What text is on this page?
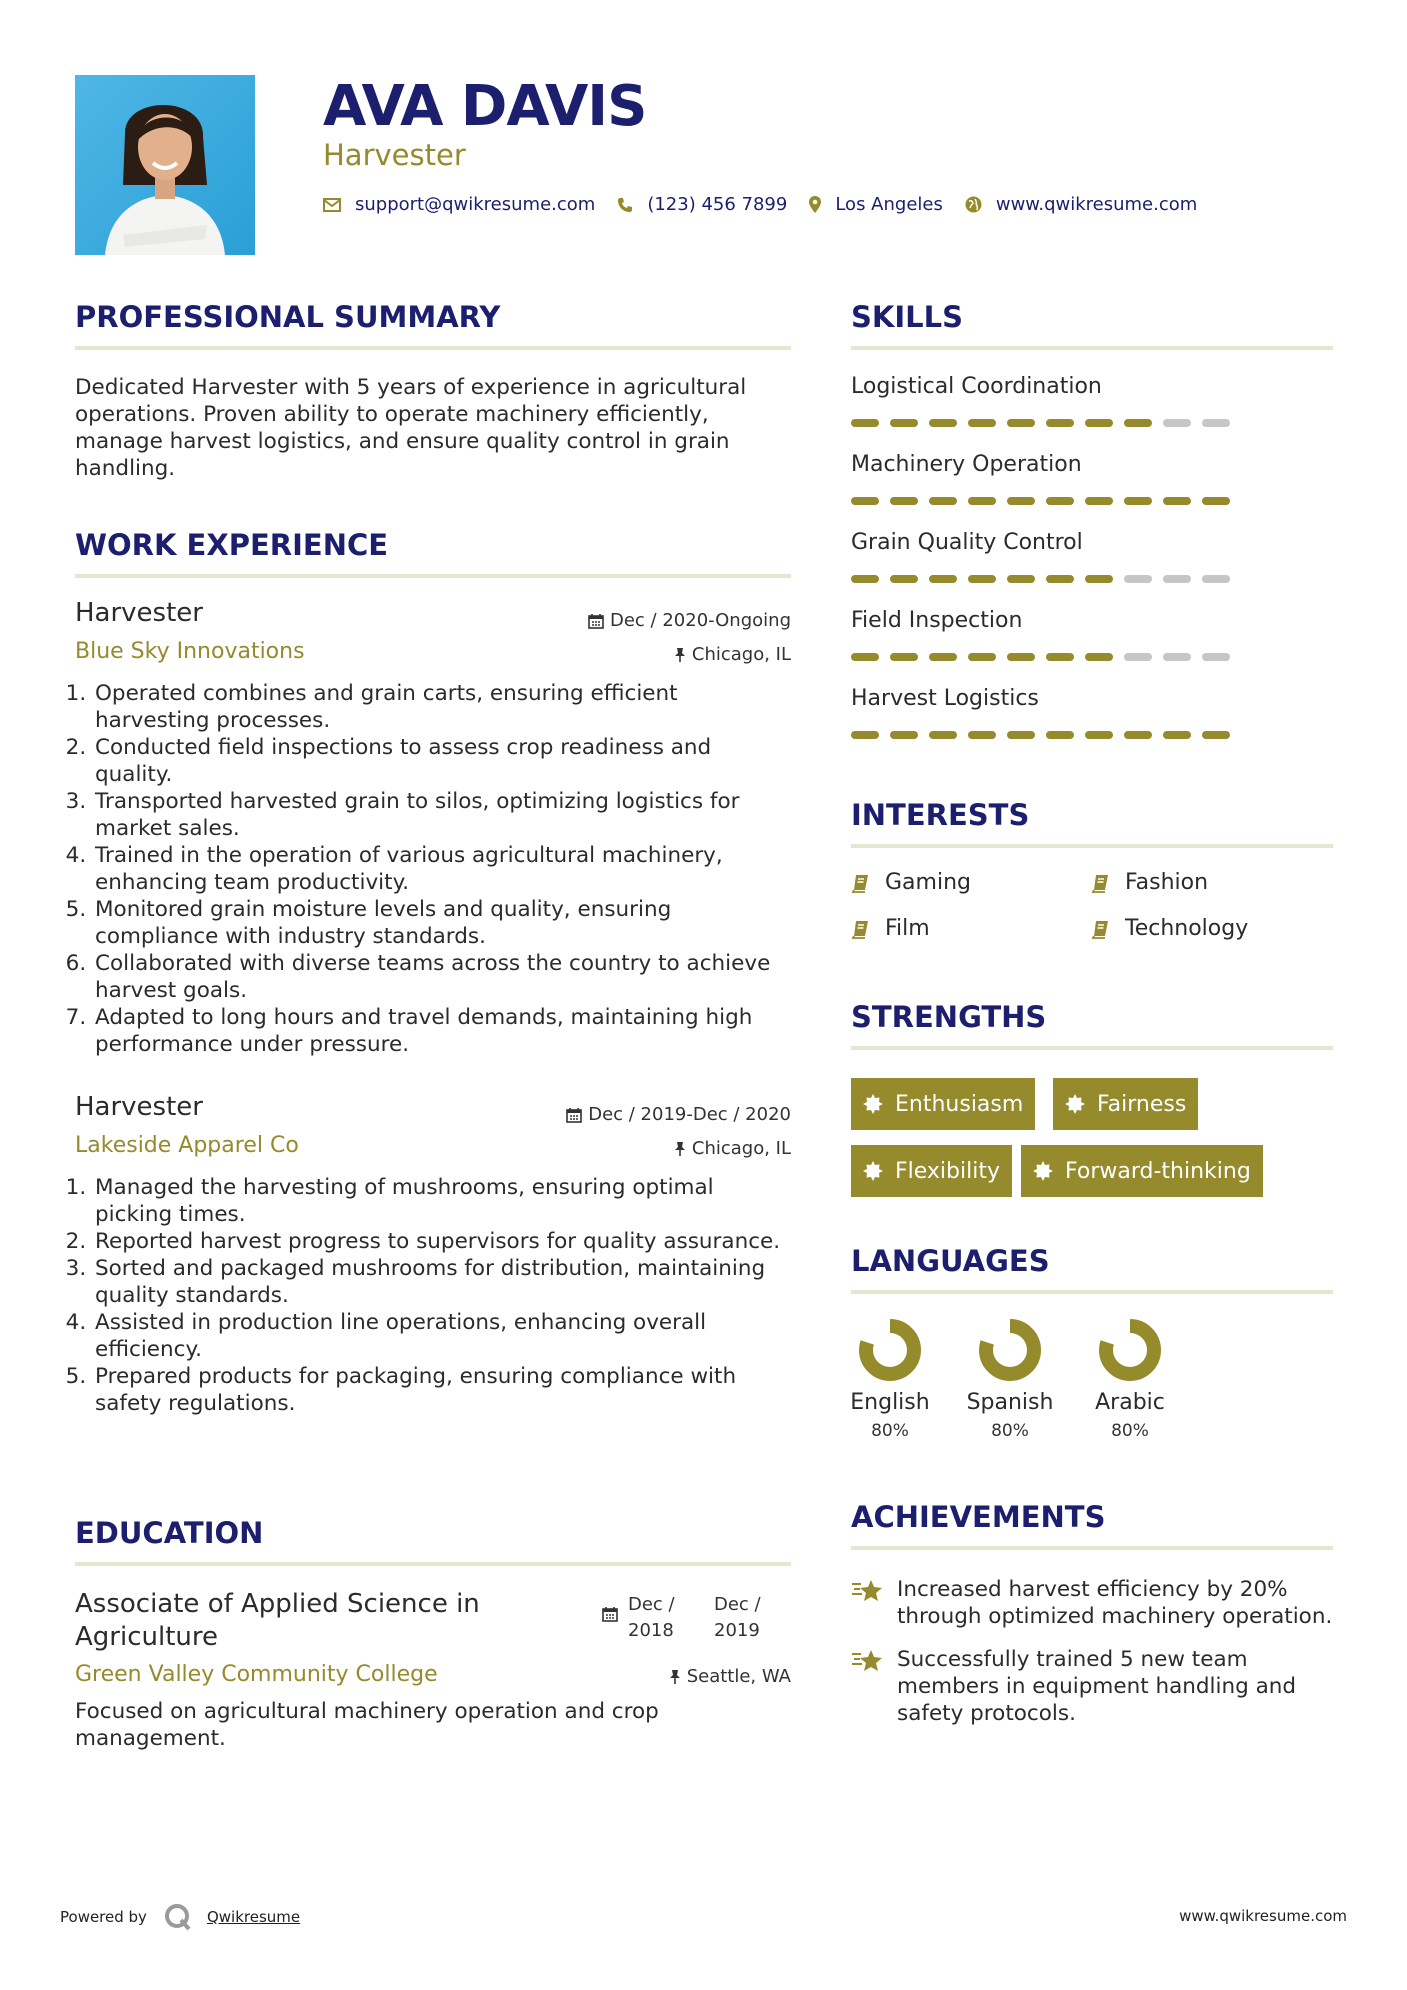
AVA DAVIS
Harvester
support@qwikresume.com	(123) 456 7899	Los Angeles	www.qwikresume.com
PROFESSIONAL SUMMARY
Dedicated Harvester with 5 years of experience in agricultural operations. Proven ability to operate machinery efficiently, manage harvest logistics, and ensure quality control in grain handling.
WORK EXPERIENCE
Harvester
Blue Sky Innovations
Dec / 2020-Ongoing
Chicago, IL
1. Operated combines and grain carts, ensuring efficient harvesting processes.
2. Conducted field inspections to assess crop readiness and quality.
3. Transported harvested grain to silos, optimizing logistics for market sales.
4. Trained in the operation of various agricultural machinery, enhancing team productivity.
5. Monitored grain moisture levels and quality, ensuring compliance with industry standards.
6. Collaborated with diverse teams across the country to achieve harvest goals.
7. Adapted to long hours and travel demands, maintaining high performance under pressure.
Harvester
Lakeside Apparel Co
Dec / 2019-Dec / 2020
Chicago, IL
1. Managed the harvesting of mushrooms, ensuring optimal picking times.
2. Reported harvest progress to supervisors for quality assurance.
3. Sorted and packaged mushrooms for distribution, maintaining quality standards.
4. Assisted in production line operations, enhancing overall efficiency.
5. Prepared products for packaging, ensuring compliance with safety regulations.
EDUCATION
Associate of Applied Science in Agriculture
Dec / 2018
Dec / 2019
Green Valley Community College	Seattle, WA
Focused on agricultural machinery operation and crop management.
SKILLS
Logistical Coordination
Machinery Operation
Grain Quality Control
Field Inspection
Harvest Logistics
INTERESTS
Gaming	Fashion
Film	Technology
STRENGTHS
Enthusiasm	Fairness
Flexibility	Forward-thinking
LANGUAGES
English
80%
Spanish
80%
Arabic
80%
ACHIEVEMENTS
Increased harvest efficiency by 20% through optimized machinery operation.
Successfully trained 5 new team members in equipment handling and safety protocols.
Powered by	Qwikresume	www.qwikresume.com
